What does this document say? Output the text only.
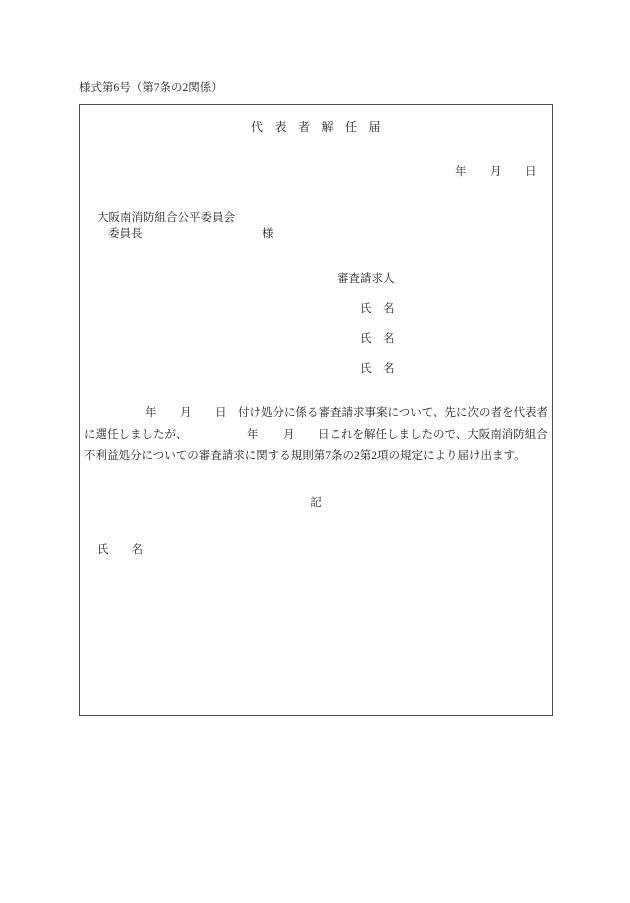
様式第6号（第7条の2関係）
代表者解任届
年 月 日
大阪南消防組合公平委員会
委員長	様
審査請求人
氏　名
氏　名
氏　名
年 月 日 付け処分に係る審査請求事案について、先に次の者を代表者
に選任しましたが、	年 月 日これを解任しましたので、大阪南消防組合
不利益処分についての審査請求に関する規則第7条の2第2項の規定により届け出ます。
記
氏　　名
